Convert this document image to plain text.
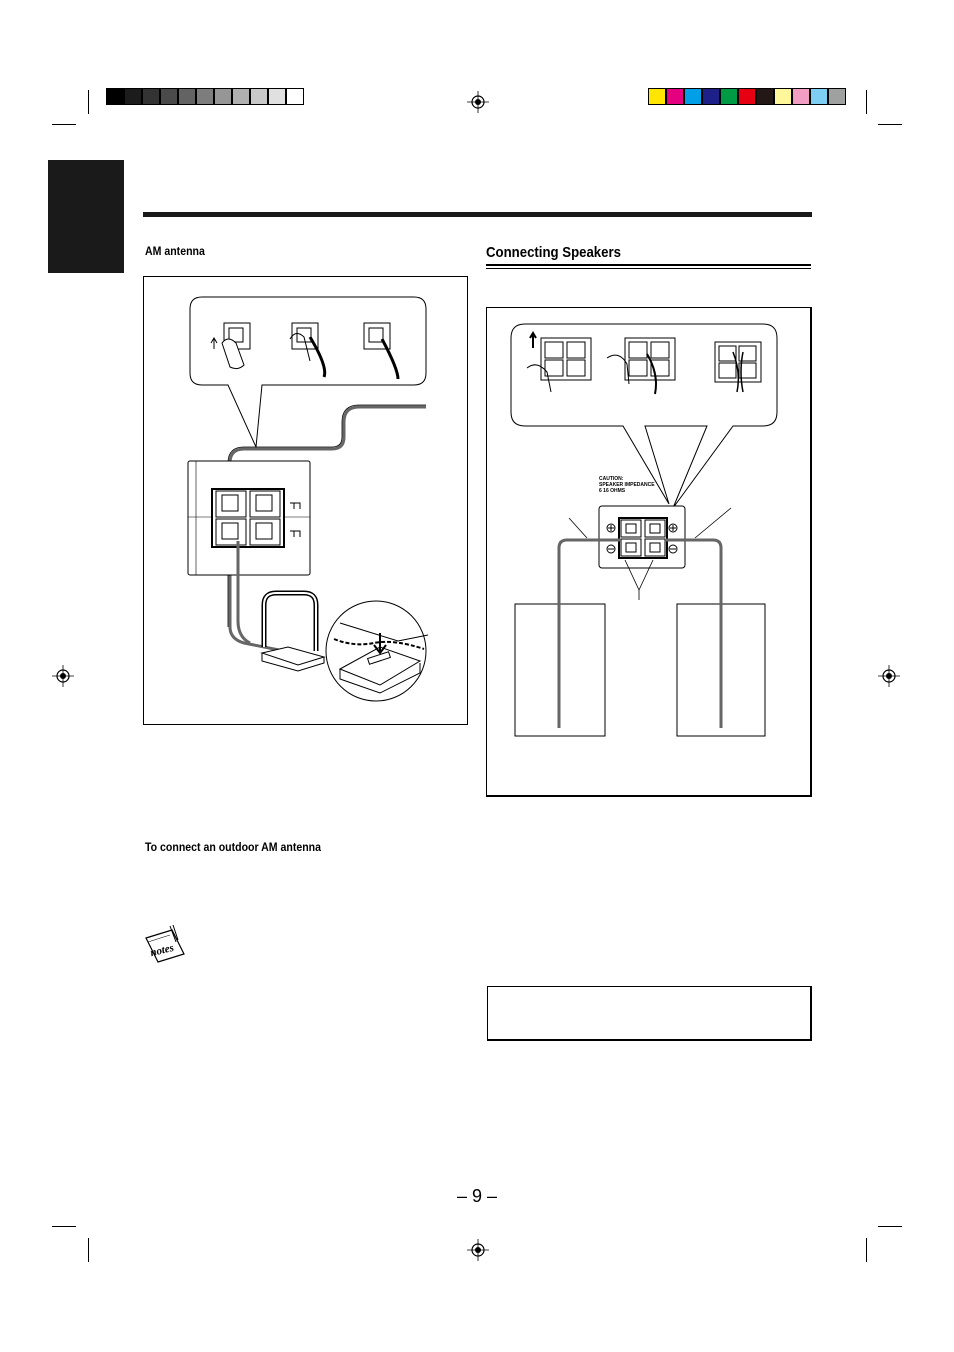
AM antenna	Connecting Speakers
CAUTION:
SPEAKER IMPEDANCE
6 16 OHMS
To connect an outdoor AM antenna
notes
– 9 –
